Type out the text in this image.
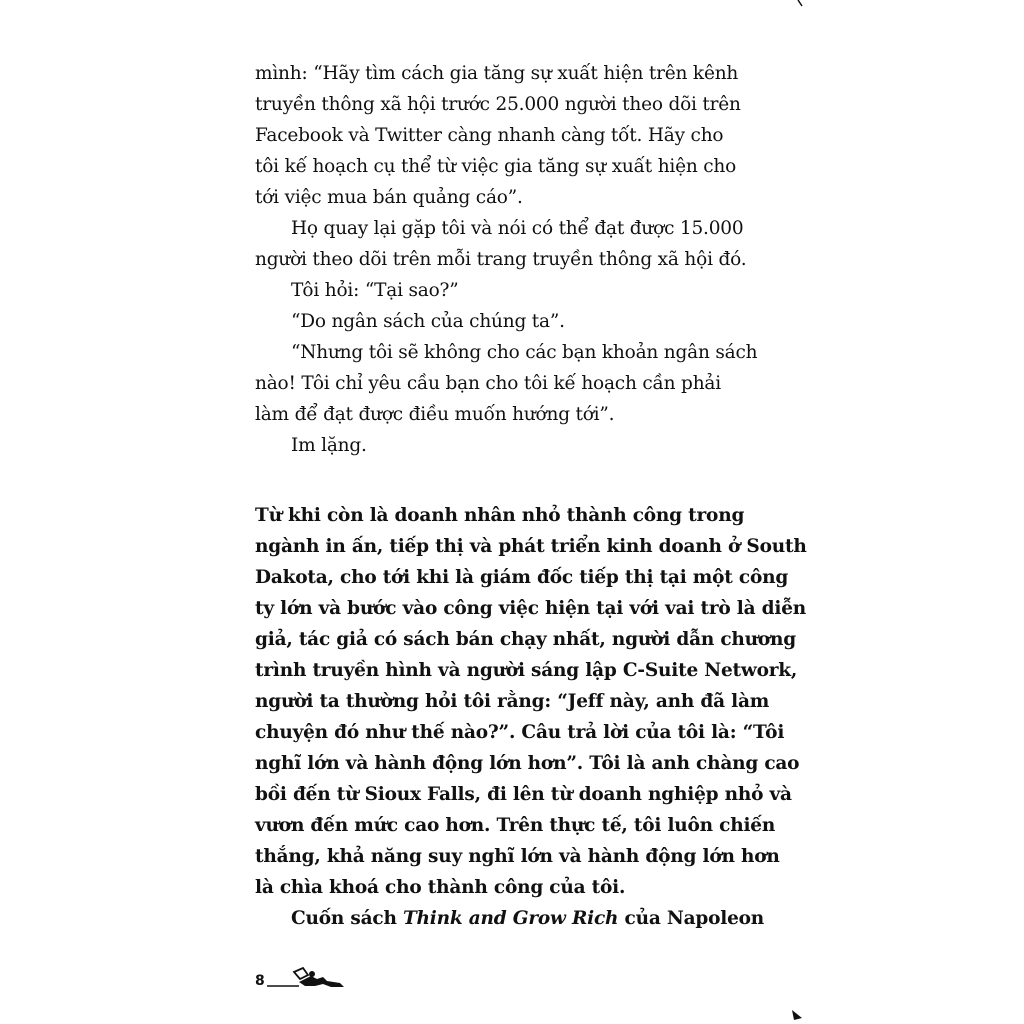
mình: “Hãy tìm cách gia tăng sự xuất hiện trên kênh
truyền thông xã hội trước 25.000 người theo dõi trên
Facebook và Twitter càng nhanh càng tốt. Hãy cho
tôi kế hoạch cụ thể từ việc gia tăng sự xuất hiện cho
tới việc mua bán quảng cáo”.
Họ quay lại gặp tôi và nói có thể đạt được 15.000
người theo dõi trên mỗi trang truyền thông xã hội đó.
Tôi hỏi: “Tại sao?”
“Do ngân sách của chúng ta”.
“Nhưng tôi sẽ không cho các bạn khoản ngân sách
nào! Tôi chỉ yêu cầu bạn cho tôi kế hoạch cần phải
làm để đạt được điều muốn hướng tới”.
Im lặng.
Từ khi còn là doanh nhân nhỏ thành công trong
ngành in ấn, tiếp thị và phát triển kinh doanh ở South
Dakota, cho tới khi là giám đốc tiếp thị tại một công
ty lớn và bước vào công việc hiện tại với vai trò là diễn
giả, tác giả có sách bán chạy nhất, người dẫn chương
trình truyền hình và người sáng lập C-Suite Network,
người ta thường hỏi tôi rằng: “Jeff này, anh đã làm
chuyện đó như thế nào?”. Câu trả lời của tôi là: “Tôi
nghĩ lớn và hành động lớn hơn”. Tôi là anh chàng cao
bồi đến từ Sioux Falls, đi lên từ doanh nghiệp nhỏ và
vươn đến mức cao hơn. Trên thực tế, tôi luôn chiến
thắng, khả năng suy nghĩ lớn và hành động lớn hơn
là chìa khoá cho thành công của tôi.
Cuốn sách Think and Grow Rich của Napoleon
8
